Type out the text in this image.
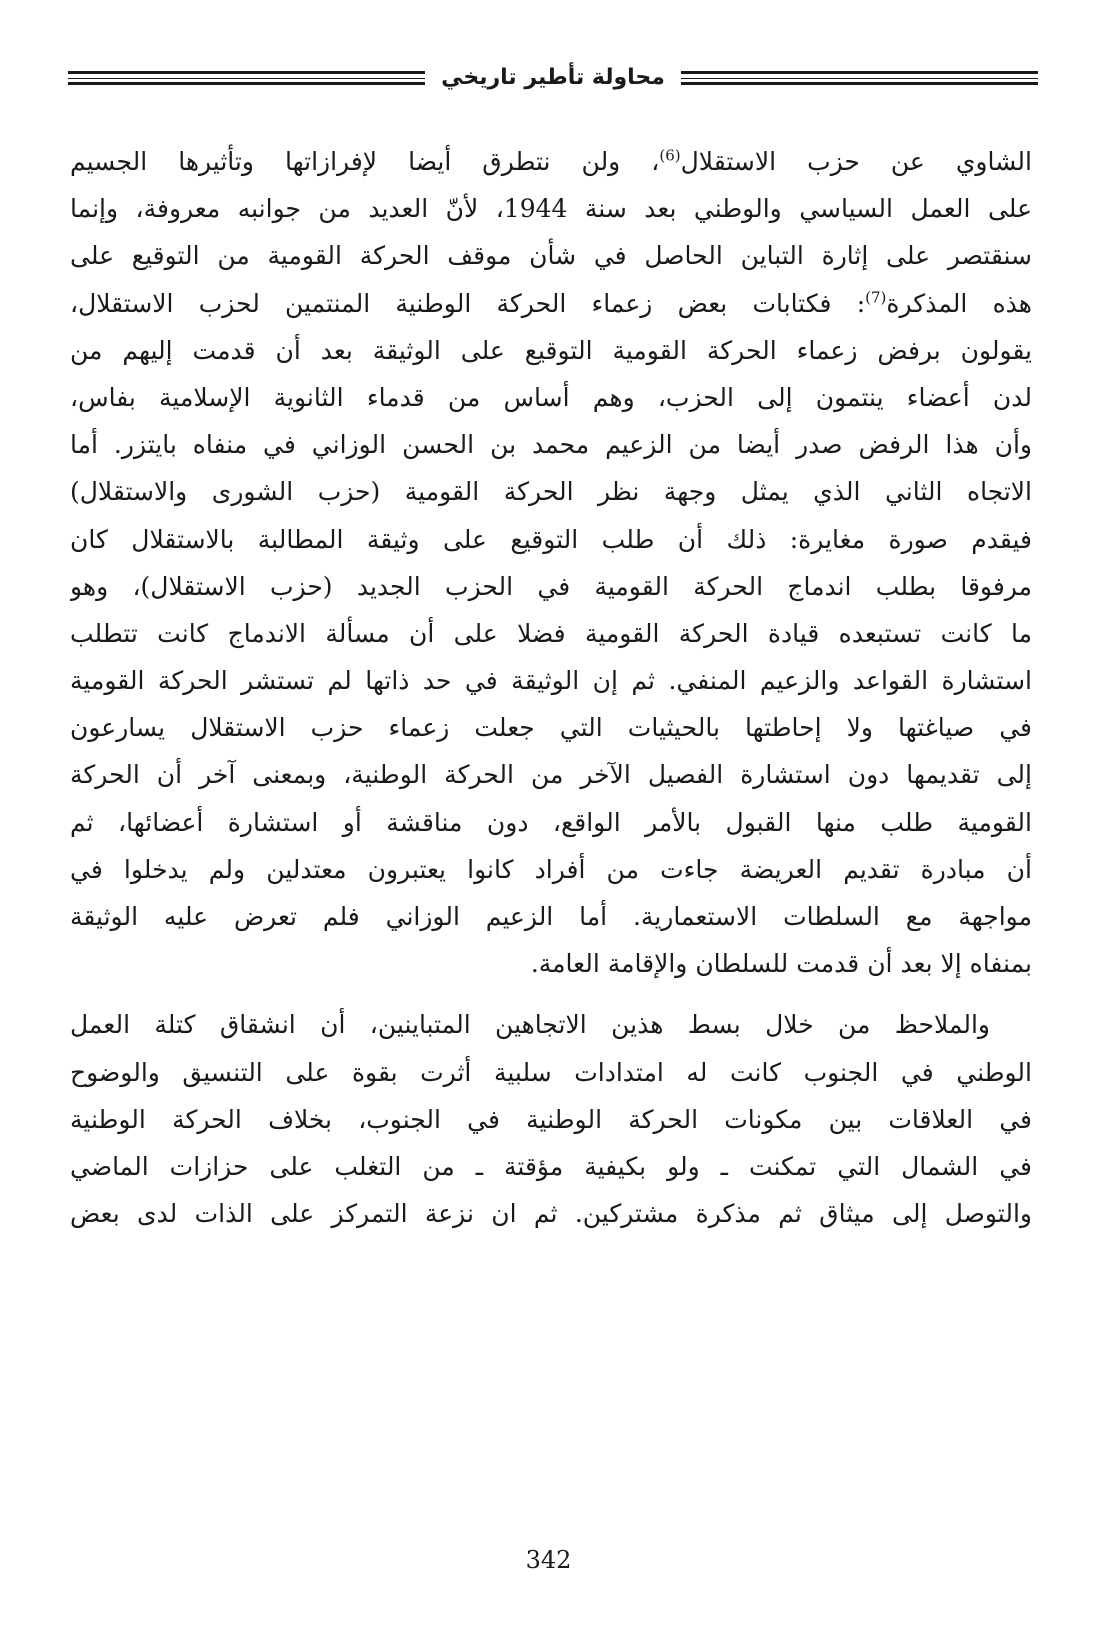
محاولة تأطير تاريخي

الشاوي عن حزب الاستقلال$^{(6)}$، ولن نتطرق أيضا لإفرازاتها وتأثيرها الجسيم
على العمل السياسي والوطني بعد سنة 1944، لأنّ العديد من جوانبه معروفة، وإنما
سنقتصر على إثارة التباين الحاصل في شأن موقف الحركة القومية من التوقيع على
هذه المذكرة$^{(7)}$: فكتابات بعض زعماء الحركة الوطنية المنتمين لحزب الاستقلال،
يقولون برفض زعماء الحركة القومية التوقيع على الوثيقة بعد أن قدمت إليهم من
لدن أعضاء ينتمون إلى الحزب، وهم أساس من قدماء الثانوية الإسلامية بفاس،
وأن هذا الرفض صدر أيضا من الزعيم محمد بن الحسن الوزاني في منفاه بايتزر. أما
الاتجاه الثاني الذي يمثل وجهة نظر الحركة القومية (حزب الشورى والاستقلال)
فيقدم صورة مغايرة: ذلك أن طلب التوقيع على وثيقة المطالبة بالاستقلال كان
مرفوقا بطلب اندماج الحركة القومية في الحزب الجديد (حزب الاستقلال)، وهو
ما كانت تستبعده قيادة الحركة القومية فضلا على أن مسألة الاندماج كانت تتطلب
استشارة القواعد والزعيم المنفي. ثم إن الوثيقة في حد ذاتها لم تستشر الحركة القومية
في صياغتها ولا إحاطتها بالحيثيات التي جعلت زعماء حزب الاستقلال يسارعون
إلى تقديمها دون استشارة الفصيل الآخر من الحركة الوطنية، وبمعنى آخر أن الحركة
القومية طلب منها القبول بالأمر الواقع، دون مناقشة أو استشارة أعضائها، ثم
أن مبادرة تقديم العريضة جاءت من أفراد كانوا يعتبرون معتدلين ولم يدخلوا في
مواجهة مع السلطات الاستعمارية. أما الزعيم الوزاني فلم تعرض عليه الوثيقة
بمنفاه إلا بعد أن قدمت للسلطان والإقامة العامة.

والملاحظ من خلال بسط هذين الاتجاهين المتباينين، أن انشقاق كتلة العمل
الوطني في الجنوب كانت له امتدادات سلبية أثرت بقوة على التنسيق والوضوح
في العلاقات بين مكونات الحركة الوطنية في الجنوب، بخلاف الحركة الوطنية
في الشمال التي تمكنت ـ ولو بكيفية مؤقتة ـ من التغلب على حزازات الماضي
والتوصل إلى ميثاق ثم مذكرة مشتركين. ثم ان نزعة التمركز على الذات لدى بعض

342
